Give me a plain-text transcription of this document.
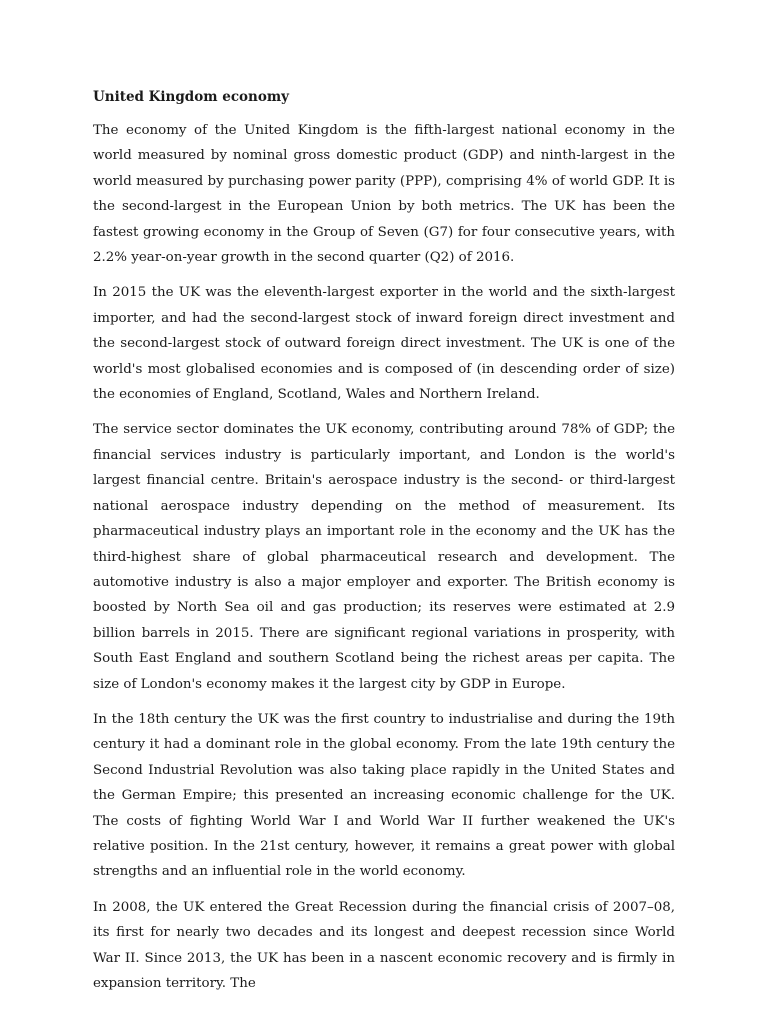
United Kingdom economy

The economy of the United Kingdom is the fifth-largest national economy in the world measured by nominal gross domestic product (GDP) and ninth-largest in the world measured by purchasing power parity (PPP), comprising 4% of world GDP. It is the second-largest in the European Union by both metrics. The UK has been the fastest growing economy in the Group of Seven (G7) for four consecutive years, with 2.2% year-on-year growth in the second quarter (Q2) of 2016.

In 2015 the UK was the eleventh-largest exporter in the world and the sixth-largest importer, and had the second-largest stock of inward foreign direct investment and the second-largest stock of outward foreign direct investment. The UK is one of the world's most globalised economies and is composed of (in descending order of size) the economies of England, Scotland, Wales and Northern Ireland.

The service sector dominates the UK economy, contributing around 78% of GDP; the financial services industry is particularly important, and London is the world's largest financial centre. Britain's aerospace industry is the second- or third-largest national aerospace industry depending on the method of measurement. Its pharmaceutical industry plays an important role in the economy and the UK has the third-highest share of global pharmaceutical research and development. The automotive industry is also a major employer and exporter. The British economy is boosted by North Sea oil and gas production; its reserves were estimated at 2.9 billion barrels in 2015. There are significant regional variations in prosperity, with South East England and southern Scotland being the richest areas per capita. The size of London's economy makes it the largest city by GDP in Europe.

In the 18th century the UK was the first country to industrialise and during the 19th century it had a dominant role in the global economy. From the late 19th century the Second Industrial Revolution was also taking place rapidly in the United States and the German Empire; this presented an increasing economic challenge for the UK. The costs of fighting World War I and World War II further weakened the UK's relative position. In the 21st century, however, it remains a great power with global strengths and an influential role in the world economy.

In 2008, the UK entered the Great Recession during the financial crisis of 2007–08, its first for nearly two decades and its longest and deepest recession since World War II. Since 2013, the UK has been in a nascent economic recovery and is firmly in expansion territory. The
